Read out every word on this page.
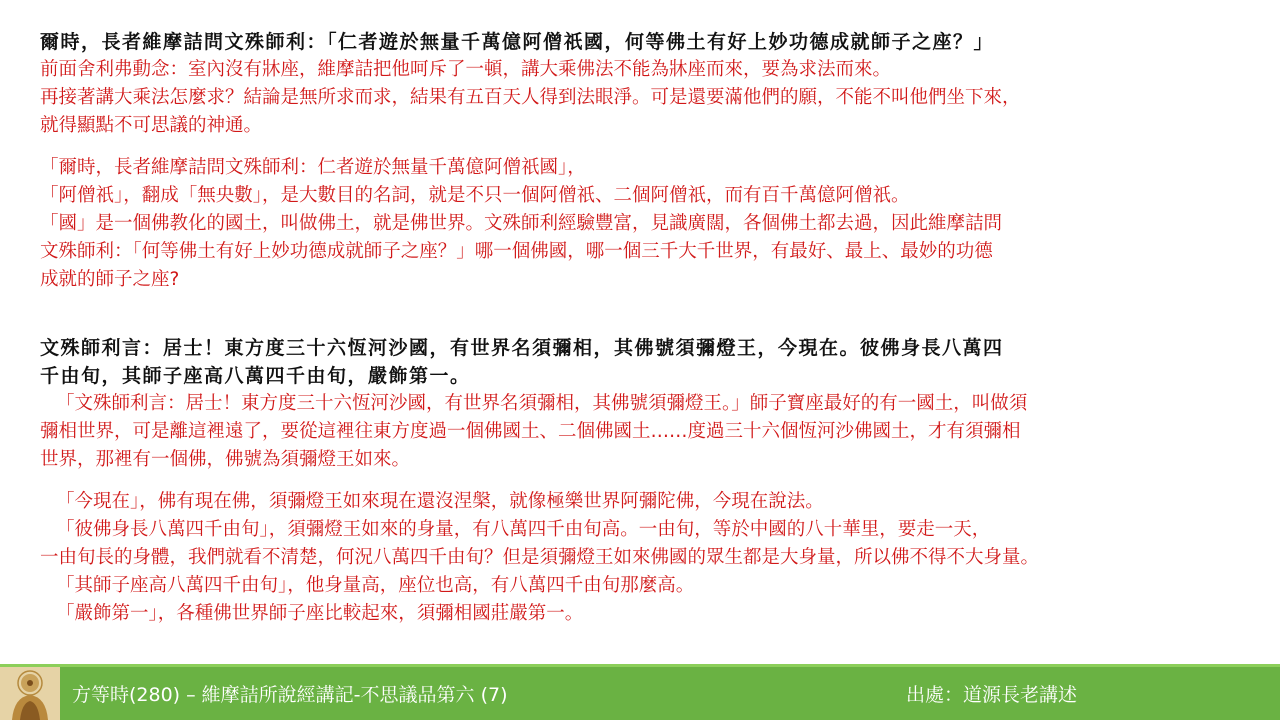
爾時，長者維摩詰問文殊師利：「仁者遊於無量千萬億阿僧祇國，何等佛土有好上妙功德成就師子之座？」
前面舍利弗動念：室內沒有牀座，維摩詰把他呵斥了一頓，講大乘佛法不能為牀座而來，要為求法而來。
再接著講大乘法怎麼求？結論是無所求而求，結果有五百天人得到法眼淨。可是還要滿他們的願，不能不叫他們坐下來，
就得顯點不可思議的神通。
「爾時，長者維摩詰問文殊師利：仁者遊於無量千萬億阿僧祇國」，
「阿僧祇」，翻成「無央數」，是大數目的名詞，就是不只一個阿僧祇、二個阿僧祇，而有百千萬億阿僧祇。
「國」是一個佛教化的國土，叫做佛土，就是佛世界。文殊師利經驗豐富，見識廣闊，各個佛土都去過，因此維摩詰問
文殊師利：「何等佛土有好上妙功德成就師子之座？」哪一個佛國，哪一個三千大千世界，有最好、最上、最妙的功德
成就的師子之座?
文殊師利言：居士！東方度三十六恆河沙國，有世界名須彌相，其佛號須彌燈王，今現在。彼佛身長八萬四
千由旬，其師子座高八萬四千由旬，嚴飾第一。
「文殊師利言：居士！東方度三十六恆河沙國，有世界名須彌相，其佛號須彌燈王。」師子寶座最好的有一國土，叫做須
彌相世界，可是離這裡遠了，要從這裡往東方度過一個佛國土、二個佛國土……度過三十六個恆河沙佛國土，才有須彌相
世界，那裡有一個佛，佛號為須彌燈王如來。
「今現在」，佛有現在佛，須彌燈王如來現在還沒涅槃，就像極樂世界阿彌陀佛，今現在說法。
「彼佛身長八萬四千由旬」，須彌燈王如來的身量，有八萬四千由旬高。一由旬，等於中國的八十華里，要走一天，
一由旬長的身體，我們就看不清楚，何況八萬四千由旬？但是須彌燈王如來佛國的眾生都是大身量，所以佛不得不大身量。
「其師子座高八萬四千由旬」，他身量高，座位也高，有八萬四千由旬那麼高。
「嚴飾第一」，各種佛世界師子座比較起來，須彌相國莊嚴第一。
方等時(280) – 維摩詰所說經講記-不思議品第六 (7)	出處：道源長老講述
